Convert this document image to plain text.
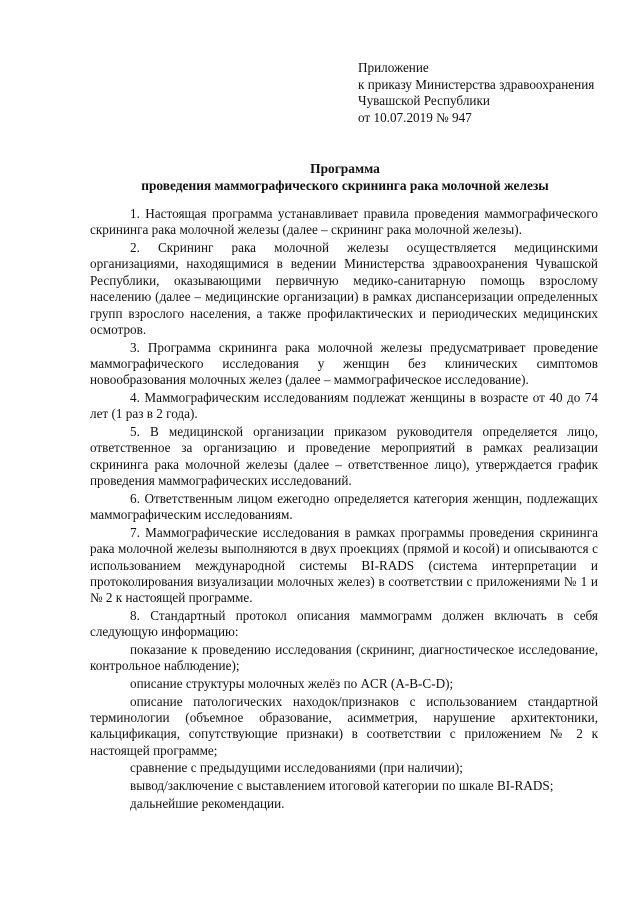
Приложение
к приказу Министерства здравоохранения
Чувашской Республики
от 10.07.2019 № 947
Программа
проведения маммографического скрининга рака молочной железы

1. Настоящая программа устанавливает правила проведения маммографического скрининга рака молочной железы (далее – скрининг рака молочной железы).

2. Скрининг рака молочной железы осуществляется медицинскими организациями, находящимися в ведении Министерства здравоохранения Чувашской Республики, оказывающими первичную медико-санитарную помощь взрослому населению (далее – медицинские организации) в рамках диспансеризации определенных групп взрослого населения, а также профилактических и периодических медицинских осмотров.

3. Программа скрининга рака молочной железы предусматривает проведение маммографического исследования у женщин без клинических симптомов новообразования молочных желез (далее – маммографическое исследование).

4. Маммографическим исследованиям подлежат женщины в возрасте от 40 до 74 лет (1 раз в 2 года).

5. В медицинской организации приказом руководителя определяется лицо, ответственное за организацию и проведение мероприятий в рамках реализации скрининга рака молочной железы (далее – ответственное лицо), утверждается график проведения маммографических исследований.

6. Ответственным лицом ежегодно определяется категория женщин, подлежащих маммографическим исследованиям.

7. Маммографические исследования в рамках программы проведения скрининга рака молочной железы выполняются в двух проекциях (прямой и косой) и описываются с использованием международной системы BI-RADS (система интерпретации и протоколирования визуализации молочных желез) в соответствии с приложениями № 1 и № 2 к настоящей программе.

8. Стандартный протокол описания маммограмм должен включать в себя следующую информацию:

показание к проведению исследования (скрининг, диагностическое исследование, контрольное наблюдение);

описание структуры молочных желёз по ACR (A-B-C-D);

описание патологических находок/признаков с использованием стандартной терминологии (объемное образование, асимметрия, нарушение архитектоники, кальцификация, сопутствующие признаки) в соответствии с приложением № 2 к настоящей программе;

сравнение с предыдущими исследованиями (при наличии);

вывод/заключение с выставлением итоговой категории по шкале BI-RADS;

дальнейшие рекомендации.
